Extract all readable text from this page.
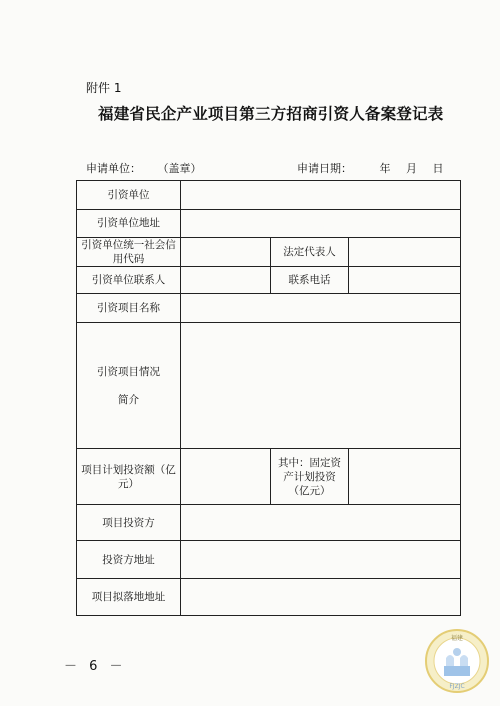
附件 1
福建省民企产业项目第三方招商引资人备案登记表
申请单位： （盖章）	申请日期：	年 月 日
引资单位			
引资单位地址			
引资单位统一社会信用代码		法定代表人	
引资单位联系人		联系电话	
引资项目名称			

引资项目情况
简介			

项目计划投资额（亿元）		其中：固定资产计划投资（亿元）	
项目投资方			
投资方地址			
项目拟落地地址			
－ 6 －
福建
FJZJC
